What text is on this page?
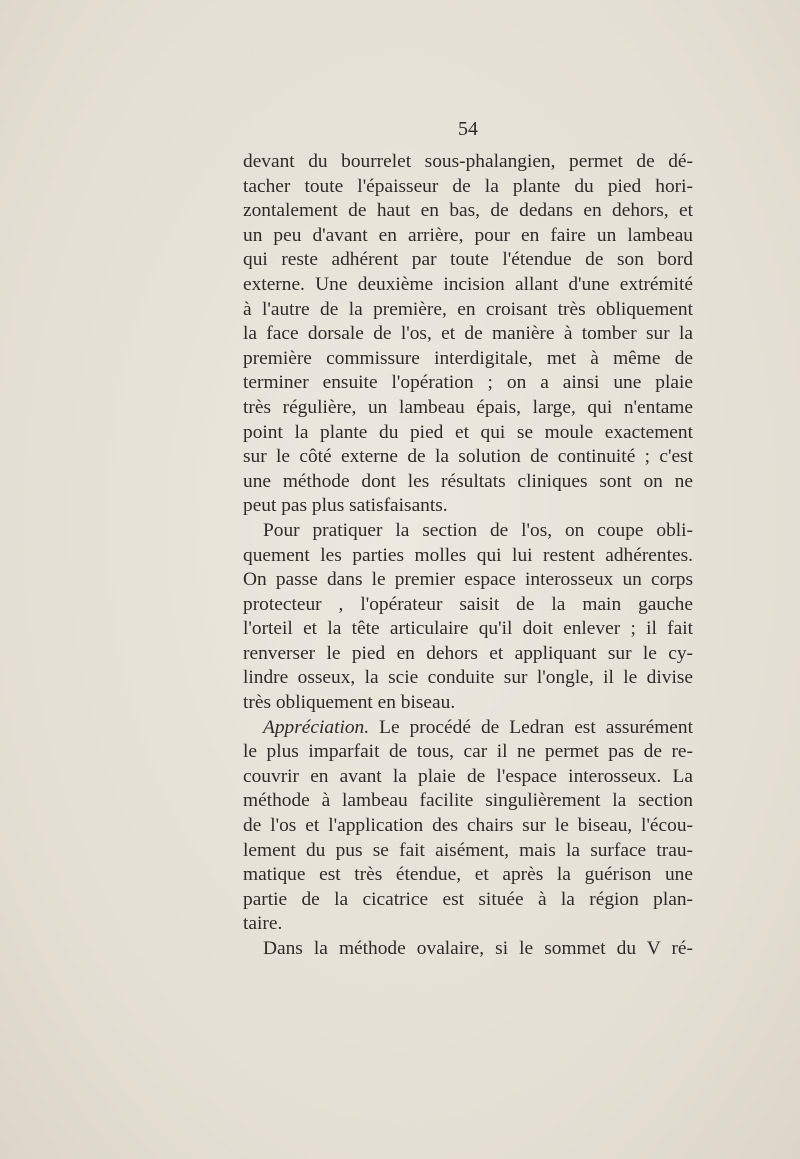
54
devant du bourrelet sous-phalangien, permet de dé-
tacher toute l'épaisseur de la plante du pied hori-
zontalement de haut en bas, de dedans en dehors, et
un peu d'avant en arrière, pour en faire un lambeau
qui reste adhérent par toute l'étendue de son bord
externe. Une deuxième incision allant d'une extrémité
à l'autre de la première, en croisant très obliquement
la face dorsale de l'os, et de manière à tomber sur la
première commissure interdigitale, met à même de
terminer ensuite l'opération ; on a ainsi une plaie
très régulière, un lambeau épais, large, qui n'entame
point la plante du pied et qui se moule exactement
sur le côté externe de la solution de continuité ; c'est
une méthode dont les résultats cliniques sont on ne
peut pas plus satisfaisants.
Pour pratiquer la section de l'os, on coupe obli-
quement les parties molles qui lui restent adhérentes.
On passe dans le premier espace interosseux un corps
protecteur , l'opérateur saisit de la main gauche
l'orteil et la tête articulaire qu'il doit enlever ; il fait
renverser le pied en dehors et appliquant sur le cy-
lindre osseux, la scie conduite sur l'ongle, il le divise
très obliquement en biseau.
Appréciation. Le procédé de Ledran est assurément
le plus imparfait de tous, car il ne permet pas de re-
couvrir en avant la plaie de l'espace interosseux. La
méthode à lambeau facilite singulièrement la section
de l'os et l'application des chairs sur le biseau, l'écou-
lement du pus se fait aisément, mais la surface trau-
matique est très étendue, et après la guérison une
partie de la cicatrice est située à la région plan-
taire.
Dans la méthode ovalaire, si le sommet du V ré-
